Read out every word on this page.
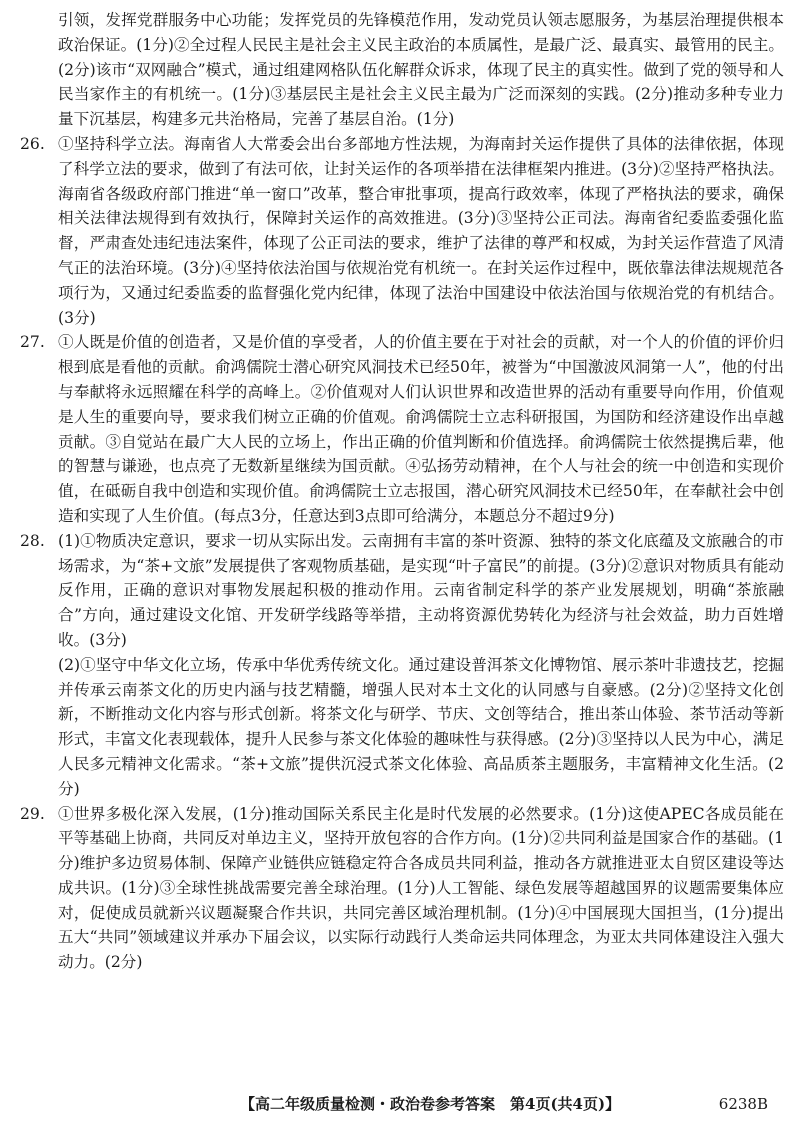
引领，发挥党群服务中心功能；发挥党员的先锋模范作用，发动党员认领志愿服务，为基层治理提供根本政治保证。(1分)②全过程人民民主是社会主义民主政治的本质属性，是最广泛、最真实、最管用的民主。(2分)该市“双网融合”模式，通过组建网格队伍化解群众诉求，体现了民主的真实性。做到了党的领导和人民当家作主的有机统一。(1分)③基层民主是社会主义民主最为广泛而深刻的实践。(2分)推动多种专业力量下沉基层，构建多元共治格局，完善了基层自治。(1分)

26. ①坚持科学立法。海南省人大常委会出台多部地方性法规，为海南封关运作提供了具体的法律依据，体现了科学立法的要求，做到了有法可依，让封关运作的各项举措在法律框架内推进。(3分)②坚持严格执法。海南省各级政府部门推进“单一窗口”改革，整合审批事项，提高行政效率，体现了严格执法的要求，确保相关法律法规得到有效执行，保障封关运作的高效推进。(3分)③坚持公正司法。海南省纪委监委强化监督，严肃查处违纪违法案件，体现了公正司法的要求，维护了法律的尊严和权威，为封关运作营造了风清气正的法治环境。(3分)④坚持依法治国与依规治党有机统一。在封关运作过程中，既依靠法律法规规范各项行为，又通过纪委监委的监督强化党内纪律，体现了法治中国建设中依法治国与依规治党的有机结合。(3分)

27. ①人既是价值的创造者，又是价值的享受者，人的价值主要在于对社会的贡献，对一个人的价值的评价归根到底是看他的贡献。俞鸿儒院士潜心研究风洞技术已经50年，被誉为“中国激波风洞第一人”，他的付出与奉献将永远照耀在科学的高峰上。②价值观对人们认识世界和改造世界的活动有重要导向作用，价值观是人生的重要向导，要求我们树立正确的价值观。俞鸿儒院士立志科研报国，为国防和经济建设作出卓越贡献。③自觉站在最广大人民的立场上，作出正确的价值判断和价值选择。俞鸿儒院士依然提携后辈，他的智慧与谦逊，也点亮了无数新星继续为国贡献。④弘扬劳动精神，在个人与社会的统一中创造和实现价值，在砥砺自我中创造和实现价值。俞鸿儒院士立志报国，潜心研究风洞技术已经50年，在奉献社会中创造和实现了人生价值。(每点3分，任意达到3点即可给满分，本题总分不超过9分)

28. (1)①物质决定意识，要求一切从实际出发。云南拥有丰富的茶叶资源、独特的茶文化底蕴及文旅融合的市场需求，为“茶+文旅”发展提供了客观物质基础，是实现“叶子富民”的前提。(3分)②意识对物质具有能动反作用，正确的意识对事物发展起积极的推动作用。云南省制定科学的茶产业发展规划，明确“茶旅融合”方向，通过建设文化馆、开发研学线路等举措，主动将资源优势转化为经济与社会效益，助力百姓增收。(3分)

(2)①坚守中华文化立场，传承中华优秀传统文化。通过建设普洱茶文化博物馆、展示茶叶非遗技艺，挖掘并传承云南茶文化的历史内涵与技艺精髓，增强人民对本土文化的认同感与自豪感。(2分)②坚持文化创新，不断推动文化内容与形式创新。将茶文化与研学、节庆、文创等结合，推出茶山体验、茶节活动等新形式，丰富文化表现载体，提升人民参与茶文化体验的趣味性与获得感。(2分)③坚持以人民为中心，满足人民多元精神文化需求。“茶+文旅”提供沉浸式茶文化体验、高品质茶主题服务，丰富精神文化生活。(2分)

29. ①世界多极化深入发展，(1分)推动国际关系民主化是时代发展的必然要求。(1分)这使APEC各成员能在平等基础上协商，共同反对单边主义，坚持开放包容的合作方向。(1分)②共同利益是国家合作的基础。(1分)维护多边贸易体制、保障产业链供应链稳定符合各成员共同利益，推动各方就推进亚太自贸区建设等达成共识。(1分)③全球性挑战需要完善全球治理。(1分)人工智能、绿色发展等超越国界的议题需要集体应对，促使成员就新兴议题凝聚合作共识，共同完善区域治理机制。(1分)④中国展现大国担当，(1分)提出五大“共同”领域建议并承办下届会议，以实际行动践行人类命运共同体理念，为亚太共同体建设注入强大动力。(2分)

【高二年级质量检测・政治卷参考答案　第4页(共4页)】	6238B
